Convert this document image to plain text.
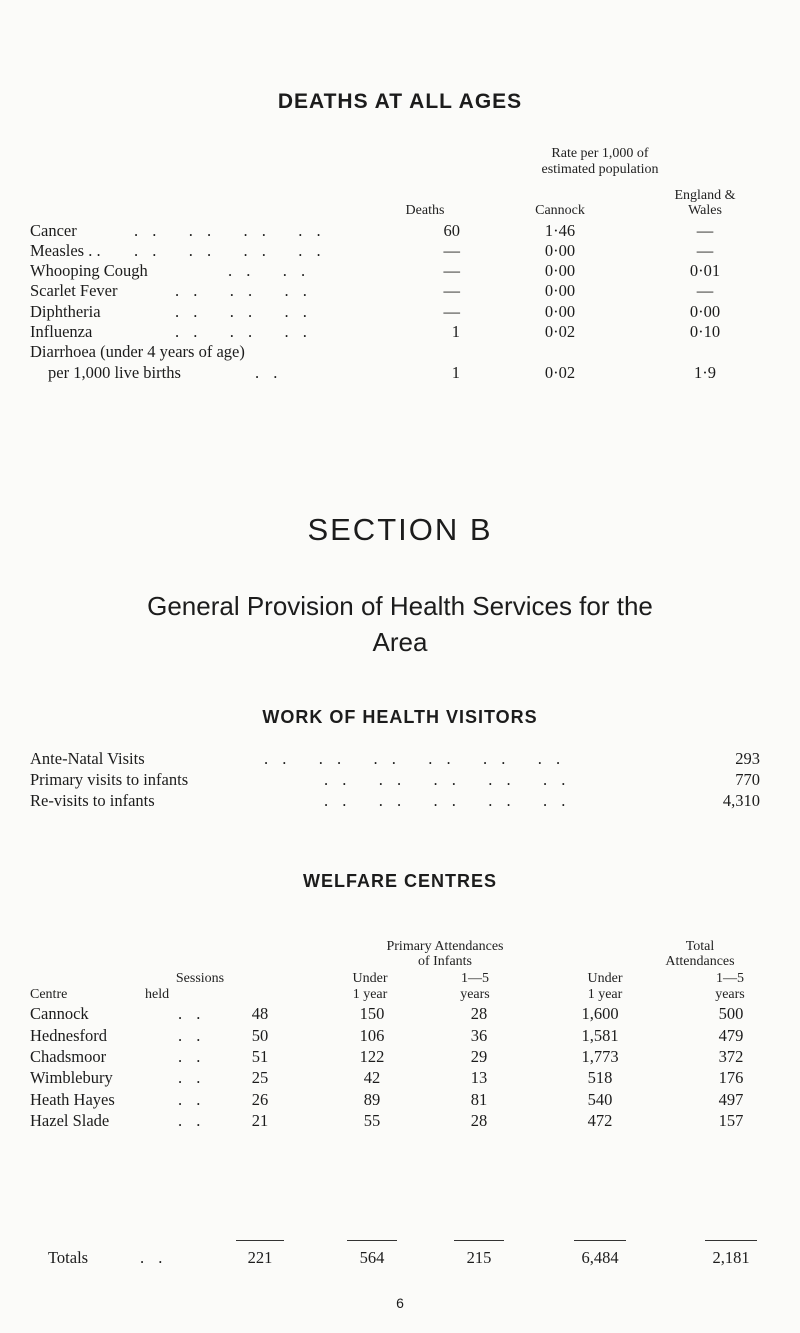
DEATHS AT ALL AGES
Rate per 1,000 of
estimated population
England &
Deaths	Cannock	Wales
Cancer	. .   . .   . .   . .	60	1·46	—
Measles . . . .   . .   . .   . .	—	0·00	—
Whooping Cough	. .   . .	—	0·00	0·01
Scarlet Fever	. .   . .   . .	—	0·00	—
Diphtheria	. .   . .   . .	—	0·00	0·00
Influenza	. .   . .   . .	1	0·02	0·10
Diarrhoea (under 4 years of age)
per 1,000 live births	. .	1	0·02	1·9
SECTION B
General Provision of Health Services for the
Area
WORK OF HEALTH VISITORS
Ante-Natal Visits	. .   . .   . .   . .   . .   . .	293
Primary visits to infants	. .   . .   . .   . .   . .	770
Re-visits to infants	. .   . .   . .   . .   . .	4,310
WELFARE CENTRES
Primary Attendances
of Infants
Total
Attendances
Sessions	Under	1—5	Under	1—5
Centre	held	1 year	years	1 year	years
Cannock	. .	48	150	28	1,600	500
Hednesford	. .	50	106	36	1,581	479
Chadsmoor	. .	51	122	29	1,773	372
Wimblebury	. .	25	42	13	518	176
Heath Hayes	. .	26	89	81	540	497
Hazel Slade	. .	21	55	28	472	157
Totals	. .	221	564	215	6,484	2,181
6
